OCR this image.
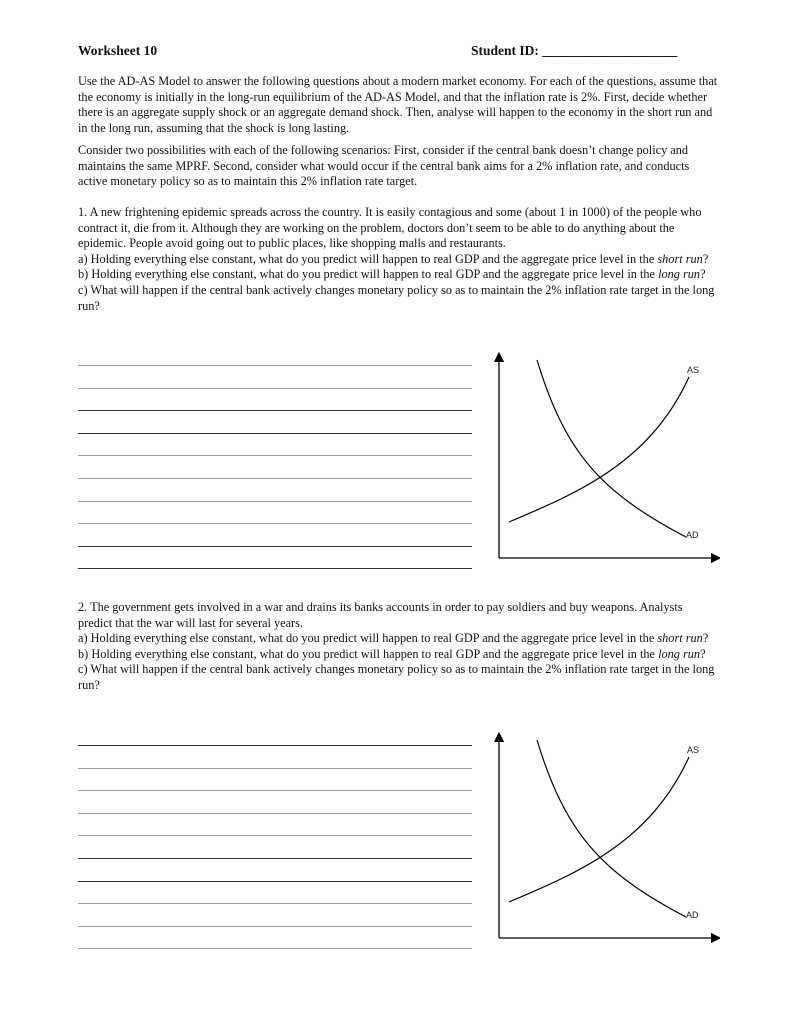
Worksheet 10	Student ID: ____________________

Use the AD-AS Model to answer the following questions about a modern market economy. For each of the questions, assume that the economy is initially in the long-run equilibrium of the AD-AS Model, and that the inflation rate is 2%. First, decide whether there is an aggregate supply shock or an aggregate demand shock. Then, analyse will happen to the economy in the short run and in the long run, assuming that the shock is long lasting.

Consider two possibilities with each of the following scenarios: First, consider if the central bank doesn’t change policy and maintains the same MPRF. Second, consider what would occur if the central bank aims for a 2% inflation rate, and conducts active monetary policy so as to maintain this 2% inflation rate target.

1. A new frightening epidemic spreads across the country. It is easily contagious and some (about 1 in 1000) of the people who contract it, die from it. Although they are working on the problem, doctors don’t seem to be able to do anything about the epidemic. People avoid going out to public places, like shopping malls and restaurants.
a) Holding everything else constant, what do you predict will happen to real GDP and the aggregate price level in the short run?
b) Holding everything else constant, what do you predict will happen to real GDP and the aggregate price level in the long run?
c) What will happen if the central bank actively changes monetary policy so as to maintain the 2% inflation rate target in the long run?
AS
AD
2. The government gets involved in a war and drains its banks accounts in order to pay soldiers and buy weapons. Analysts predict that the war will last for several years.
a) Holding everything else constant, what do you predict will happen to real GDP and the aggregate price level in the short run?
b) Holding everything else constant, what do you predict will happen to real GDP and the aggregate price level in the long run?
c) What will happen if the central bank actively changes monetary policy so as to maintain the 2% inflation rate target in the long run?
AS
AD
